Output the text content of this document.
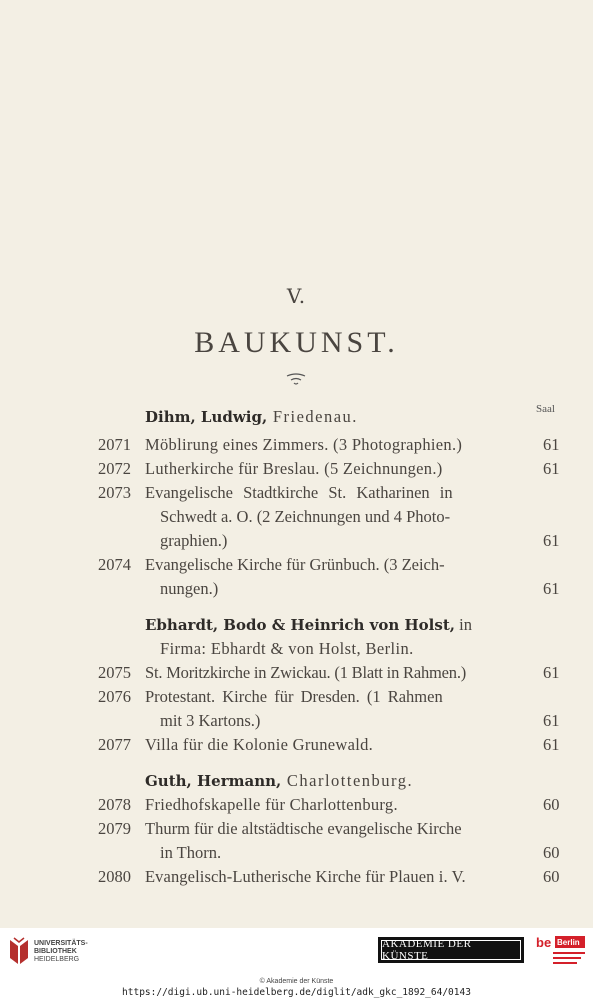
V.
BAUKUNST.
Saal
Dihm, Ludwig, Friedenau.
2071 Möblirung eines Zimmers. (3 Photographien.)	61
2072 Lutherkirche für Breslau. (5 Zeichnungen.)	61
2073 Evangelische Stadtkirche St. Katharinen in
Schwedt a. O. (2 Zeichnungen und 4 Photo-
graphien.)	61
2074 Evangelische Kirche für Grünbuch. (3 Zeich-
nungen.)	61
Ebhardt, Bodo & Heinrich von Holst, in
Firma: Ebhardt & von Holst, Berlin.
2075 St. Moritzkirche in Zwickau. (1 Blatt in Rahmen.)	61
2076 Protestant. Kirche für Dresden. (1 Rahmen
mit 3 Kartons.)	61
2077 Villa für die Kolonie Grunewald.	61
Guth, Hermann, Charlottenburg.
2078 Friedhofskapelle für Charlottenburg.	60
2079 Thurm für die altstädtische evangelische Kirche
in Thorn.	60
2080 Evangelisch-Lutherische Kirche für Plauen i. V.	60
UNIVERSITÄTS-
BIBLIOTHEK
HEIDELBERG
AKADEMIE DER KÜNSTE
be Berlin
© Akademie der Künste
https://digi.ub.uni-heidelberg.de/diglit/adk_gkc_1892_64/0143
